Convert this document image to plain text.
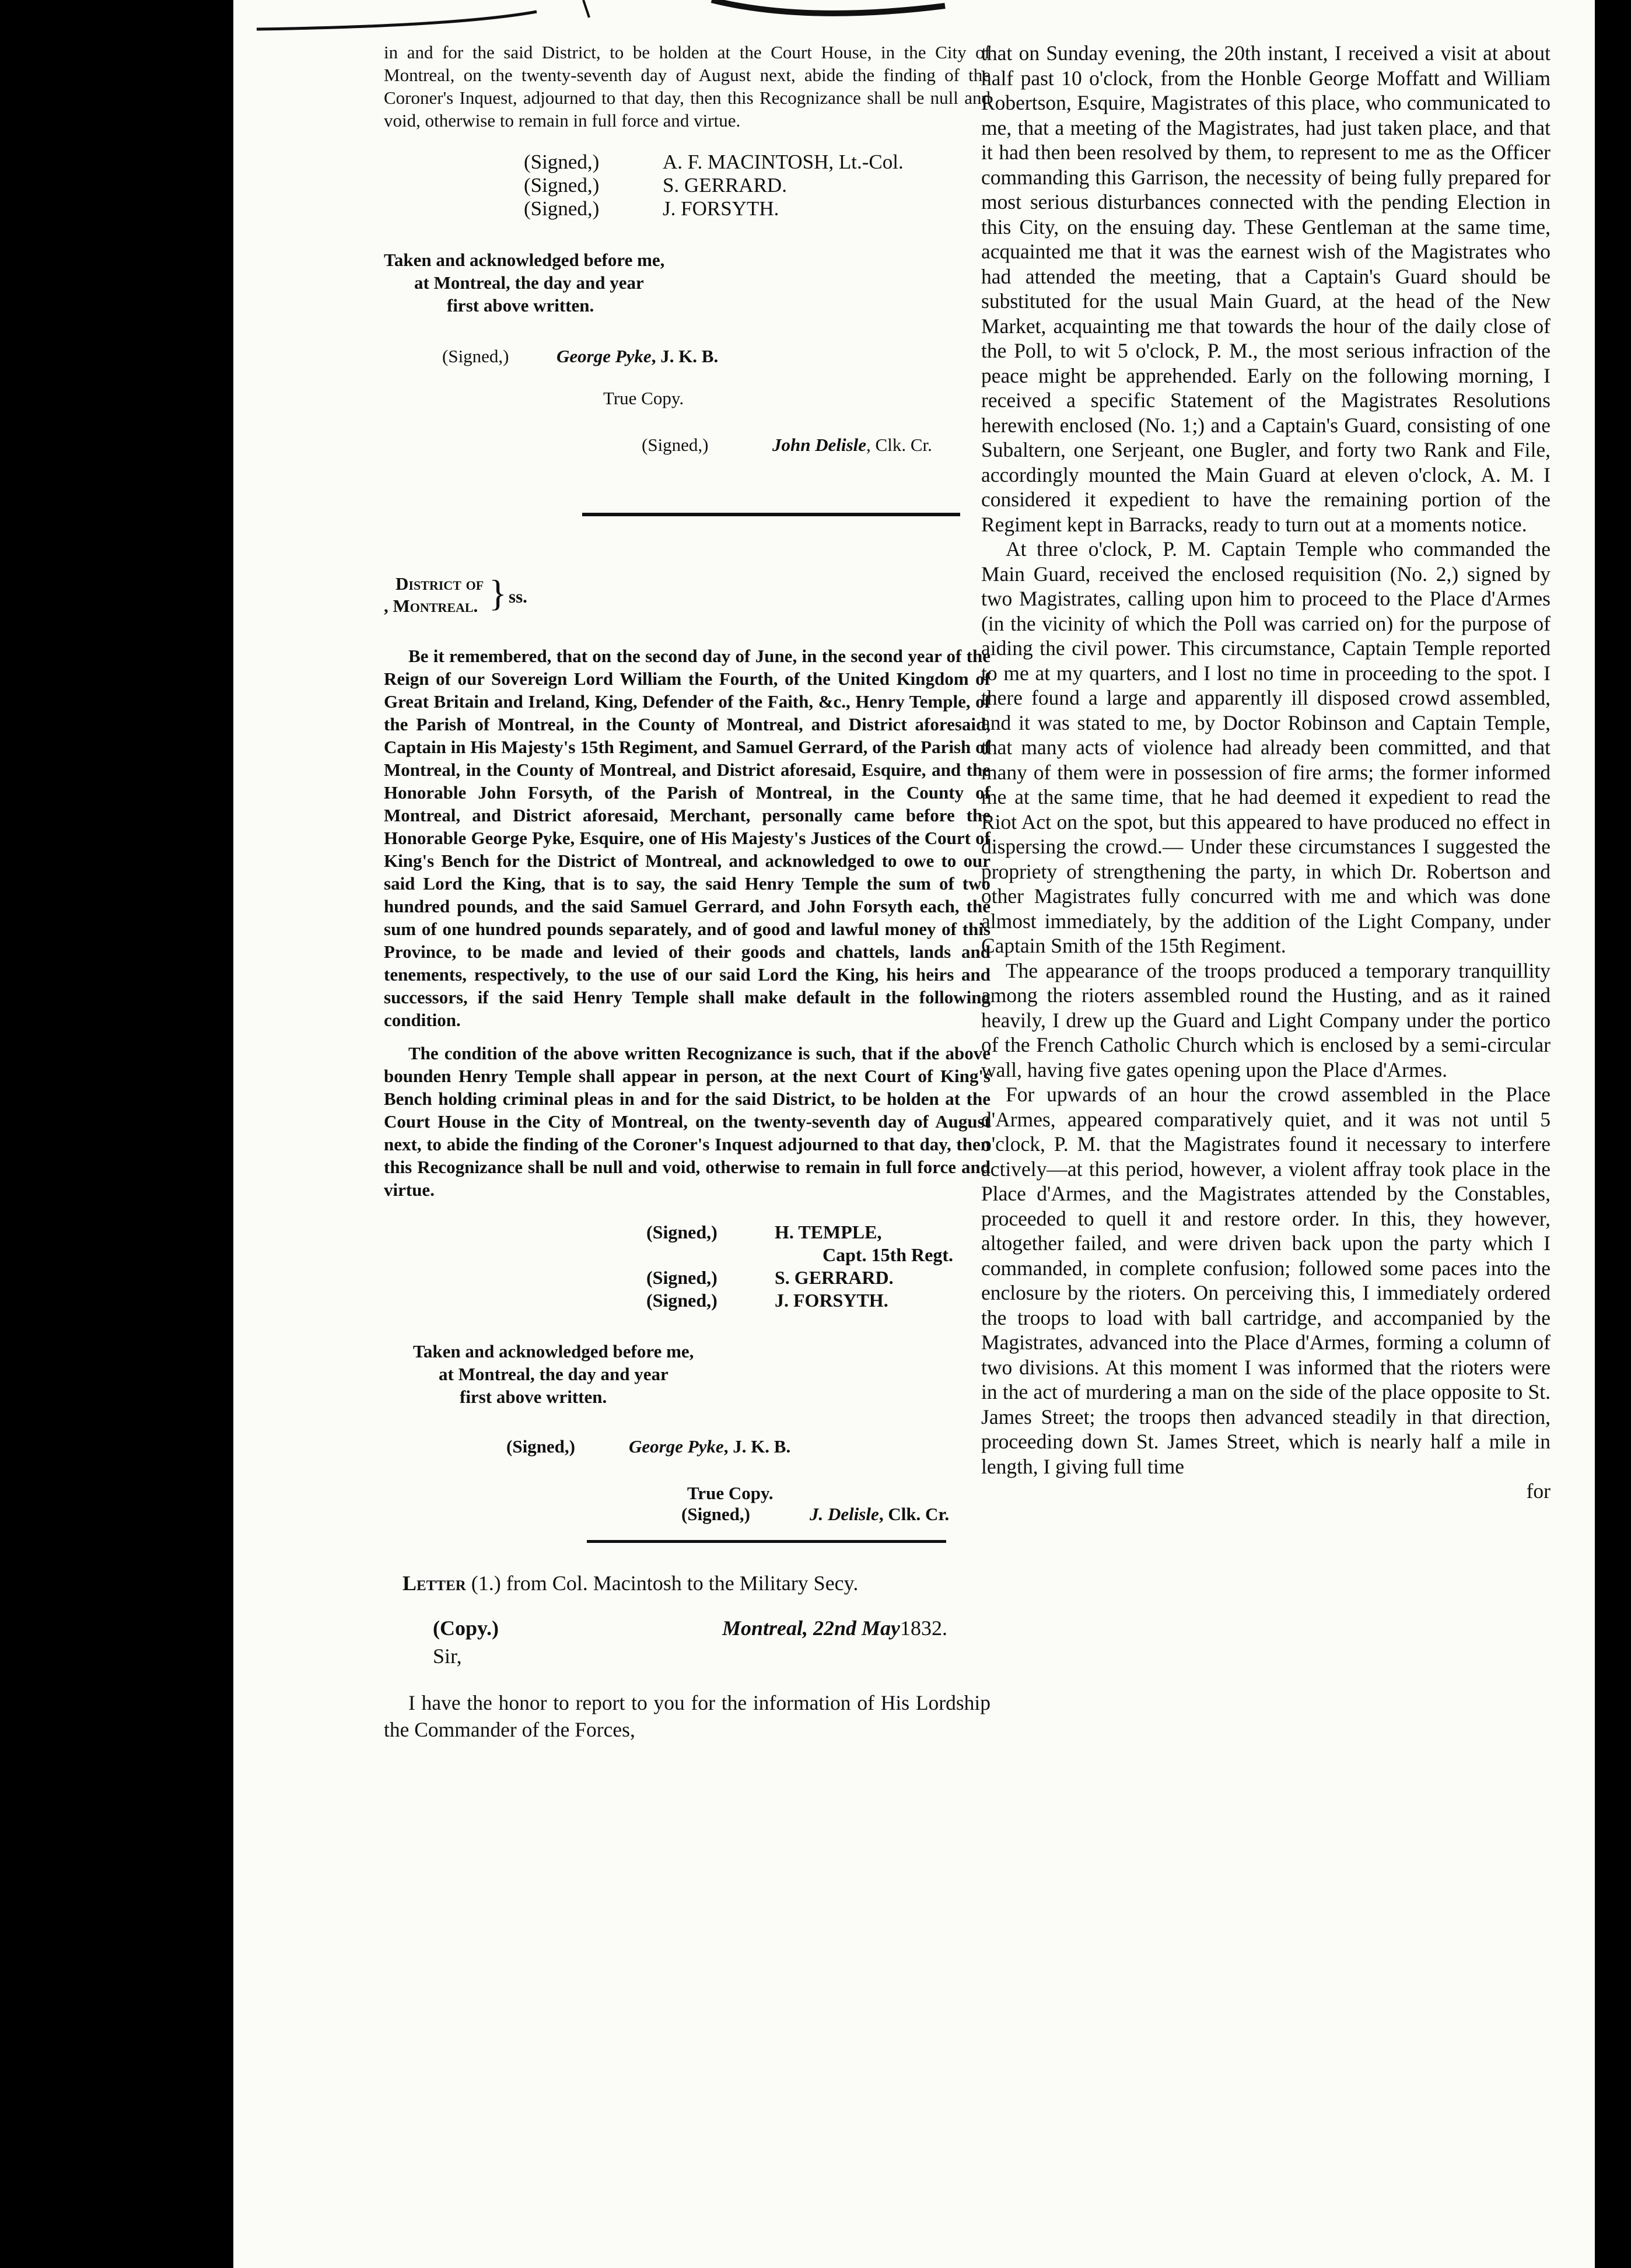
in and for the said District, to be holden at the Court House, in the City of Montreal, on the twenty-seventh day of August next, abide the finding of the Coroner's Inquest, adjourned to that day, then this Recognizance shall be null and void, otherwise to remain in full force and virtue.

(Signed,)	A. F. MACINTOSH, Lt.-Col.
(Signed,)	S. GERRARD.
(Signed,)	J. FORSYTH.
Taken and acknowledged before me,
at Montreal, the day and year
first above written.
(Signed,)	George Pyke, J. K. B.
True Copy.
(Signed,)	John Delisle , Clk. Cr.
District of
, Montreal. } ss.

Be it remembered, that on the second day of June, in the second year of the Reign of our Sovereign Lord William the Fourth, of the United Kingdom of Great Britain and Ireland, King, Defender of the Faith, &c., Henry Temple, of the Parish of Montreal, in the County of Montreal, and District aforesaid, Captain in His Majesty's 15th Regiment, and Samuel Gerrard, of the Parish of Montreal, in the County of Montreal, and District aforesaid, Esquire, and the Honorable John Forsyth, of the Parish of Montreal, in the County of Montreal, and District aforesaid, Merchant, personally came before the Honorable George Pyke, Esquire, one of His Majesty's Justices of the Court of King's Bench for the District of Montreal, and acknowledged to owe to our said Lord the King, that is to say, the said Henry Temple the sum of two hundred pounds, and the said Samuel Gerrard, and John Forsyth each, the sum of one hundred pounds separately, and of good and lawful money of this Province, to be made and levied of their goods and chattels, lands and tenements, respectively, to the use of our said Lord the King, his heirs and successors, if the said Henry Temple shall make default in the following condition.

The condition of the above written Recognizance is such, that if the above bounden Henry Temple shall appear in person, at the next Court of King's Bench holding criminal pleas in and for the said District, to be holden at the Court House in the City of Montreal, on the twenty-seventh day of August next, to abide the finding of the Coroner's Inquest adjourned to that day, then this Recognizance shall be null and void, otherwise to remain in full force and virtue.

(Signed,)	H. TEMPLE,
Capt. 15th Regt.
(Signed,)	S. GERRARD.
(Signed,)	J. FORSYTH.
Taken and acknowledged before me,
at Montreal, the day and year
first above written.
(Signed,)	George Pyke , J. K. B.
True Copy.
(Signed,)	J. Delisle , Clk. Cr.
Letter (1.) from Col. Macintosh to the Military Secy.
(Copy.)	Montreal, 22nd May 1832.
Sir,

I have the honor to report to you for the information of His Lordship the Commander of the Forces,

that on Sunday evening, the 20th instant, I received a visit at about half past 10 o'clock, from the Honble George Moffatt and William Robertson, Esquire, Magistrates of this place, who communicated to me, that a meeting of the Magistrates, had just taken place, and that it had then been resolved by them, to represent to me as the Officer commanding this Garrison, the necessity of being fully prepared for most serious disturbances connected with the pending Election in this City, on the ensuing day. These Gentleman at the same time, acquainted me that it was the earnest wish of the Magistrates who had attended the meeting, that a Captain's Guard should be substituted for the usual Main Guard, at the head of the New Market, acquainting me that towards the hour of the daily close of the Poll, to wit 5 o'clock, P. M., the most serious infraction of the peace might be apprehended. Early on the following morning, I received a specific Statement of the Magistrates Resolutions herewith enclosed (No. 1;) and a Captain's Guard, consisting of one Subaltern, one Serjeant, one Bugler, and forty two Rank and File, accordingly mounted the Main Guard at eleven o'clock, A. M. I considered it expedient to have the remaining portion of the Regiment kept in Barracks, ready to turn out at a moments notice.

At three o'clock, P. M. Captain Temple who commanded the Main Guard, received the enclosed requisition (No. 2,) signed by two Magistrates, calling upon him to proceed to the Place d'Armes (in the vicinity of which the Poll was carried on) for the purpose of aiding the civil power. This circumstance, Captain Temple reported to me at my quarters, and I lost no time in proceeding to the spot. I there found a large and apparently ill disposed crowd assembled, and it was stated to me, by Doctor Robinson and Captain Temple, that many acts of violence had already been committed, and that many of them were in possession of fire arms; the former informed me at the same time, that he had deemed it expedient to read the Riot Act on the spot, but this appeared to have produced no effect in dispersing the crowd.— Under these circumstances I suggested the propriety of strengthening the party, in which Dr. Robertson and other Magistrates fully concurred with me and which was done almost immediately, by the addition of the Light Company, under Captain Smith of the 15th Regiment.

The appearance of the troops produced a temporary tranquillity among the rioters assembled round the Husting, and as it rained heavily, I drew up the Guard and Light Company under the portico of the French Catholic Church which is enclosed by a semi-circular wall, having five gates opening upon the Place d'Armes.

For upwards of an hour the crowd assembled in the Place d'Armes, appeared comparatively quiet, and it was not until 5 o'clock, P. M. that the Magistrates found it necessary to interfere actively—at this period, however, a violent affray took place in the Place d'Armes, and the Magistrates attended by the Constables, proceeded to quell it and restore order. In this, they however, altogether failed, and were driven back upon the party which I commanded, in complete confusion; followed some paces into the enclosure by the rioters. On perceiving this, I immediately ordered the troops to load with ball cartridge, and accompanied by the Magistrates, advanced into the Place d'Armes, forming a column of two divisions. At this moment I was informed that the rioters were in the act of murdering a man on the side of the place opposite to St. James Street; the troops then advanced steadily in that direction, proceeding down St. James Street, which is nearly half a mile in length, I giving full time

for
